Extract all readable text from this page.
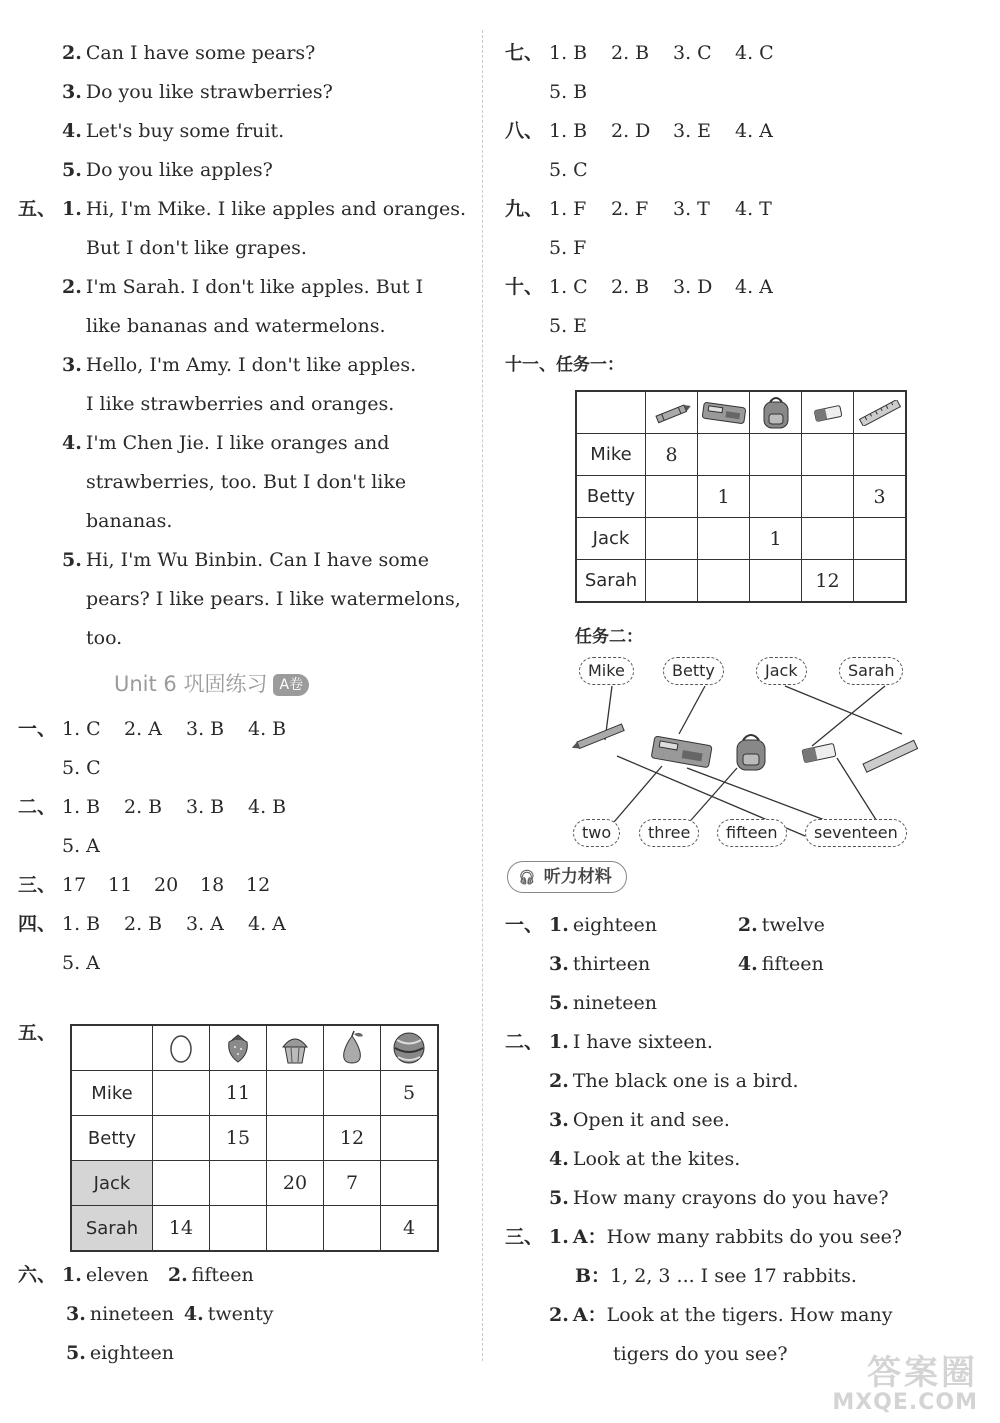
2. Can I have some pears?
3. Do you like strawberries?
4. Let's buy some fruit.
5. Do you like apples?
五、 1. Hi, I'm Mike. I like apples and oranges.
But I don't like grapes.
2. I'm Sarah. I don't like apples. But I
like bananas and watermelons.
3. Hello, I'm Amy. I don't like apples.
I like strawberries and oranges.
4. I'm Chen Jie. I like oranges and
strawberries, too. But I don't like
bananas.
5. Hi, I'm Wu Binbin. Can I have some
pears? I like pears. I like watermelons,
too.
Unit 6 巩固练习 A卷
一、 1. C 2. A 3. B 4. B
5. C
二、 1. B 2. B 3. B 4. B
5. A
三、 17 11 20 18 12
四、 1. B 2. B 3. A 4. A
5. A
五、

Mike		11			5
Betty		15		12	
Jack			20	7	
Sarah	14				4
六、 1. eleven 2. fifteen
3. nineteen 4. twenty
5. eighteen
七、 1. B 2. B 3. C 4. C
5. B
八、 1. B 2. D 3. E 4. A
5. C
九、 1. F 2. F 3. T 4. T
5. F
十、 1. C 2. B 3. D 4. A
5. E
十一、任务一：

Mike	8				
Betty		1			3
Jack			1		
Sarah				12	
任务二：
Mike	Betty	Jack	Sarah
two	three	fifteen	seventeen
🎧︎ 听力材料
一、 1. eighteen	2. twelve
3. thirteen	4. fifteen
5. nineteen
二、 1. I have sixteen.
2. The black one is a bird.
3. Open it and see.
4. Look at the kites.
5. How many crayons do you have?
三、 1. A：How many rabbits do you see?
B：1, 2, 3 ... I see 17 rabbits.
2. A：Look at the tigers. How many
tigers do you see?	答案圈
MXQE.COM
